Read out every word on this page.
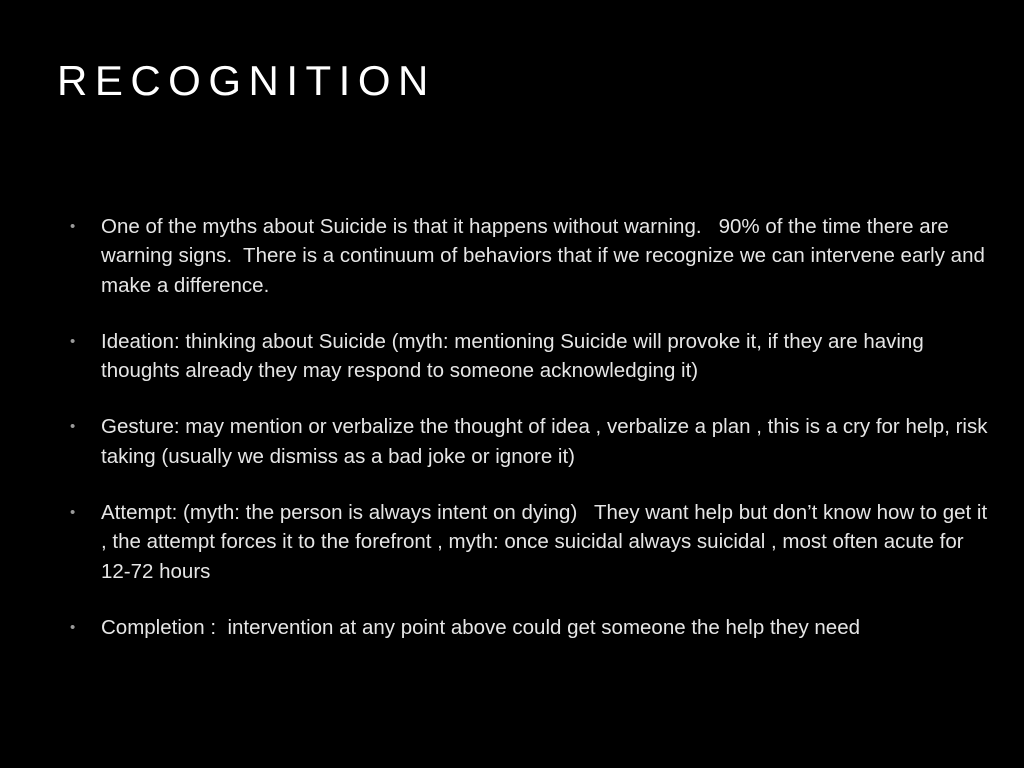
RECOGNITION
• One of the myths about Suicide is that it happens without warning.   90% of the time there are warning signs.  There is a continuum of behaviors that if we recognize we can intervene early and make a difference.
• Ideation: thinking about Suicide (myth: mentioning Suicide will provoke it, if they are having thoughts already they may respond to someone acknowledging it)
• Gesture: may mention or verbalize the thought of idea , verbalize a plan , this is a cry for help, risk taking (usually we dismiss as a bad joke or ignore it)
• Attempt: (myth: the person is always intent on dying)   They want help but don’t know how to get it , the attempt forces it to the forefront , myth: once suicidal always suicidal , most often acute for 12-72 hours
• Completion :  intervention at any point above could get someone the help they need
